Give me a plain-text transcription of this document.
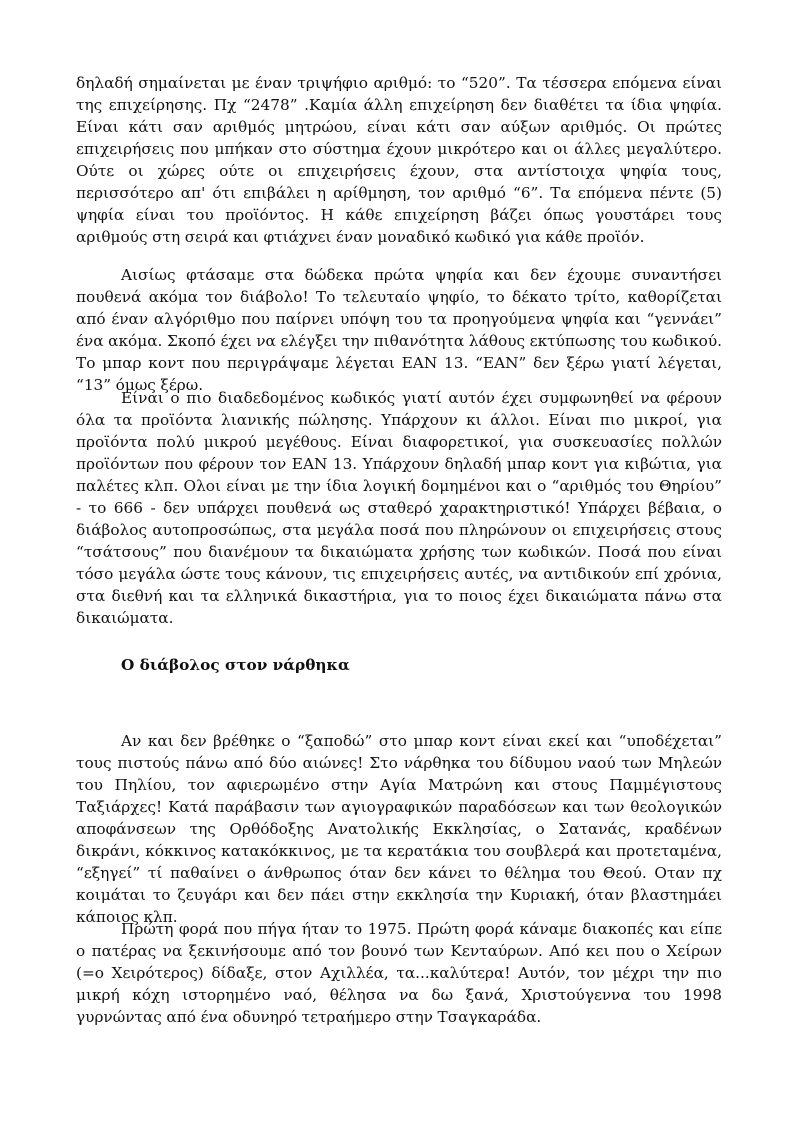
δηλαδή σημαίνεται με έναν τριψήφιο αριθμό: το “520”. Τα τέσσερα επόμενα είναι της επιχείρησης. Πχ “2478” .Καμία άλλη επιχείρηση δεν διαθέτει τα ίδια ψηφία. Είναι κάτι σαν αριθμός μητρώου, είναι κάτι σαν αύξων αριθμός. Οι πρώτες επιχειρήσεις που μπήκαν στο σύστημα έχουν μικρότερο και οι άλλες μεγαλύτερο. Ούτε οι χώρες ούτε οι επιχειρήσεις έχουν, στα αντίστοιχα ψηφία τους, περισσότερο απ' ότι επιβάλει η αρίθμηση, τον αριθμό “6”. Τα επόμενα πέντε (5) ψηφία είναι του προϊόντος. Η κάθε επιχείρηση βάζει όπως γουστάρει τους αριθμούς στη σειρά και φτιάχνει έναν μοναδικό κωδικό για κάθε προϊόν.

Αισίως φτάσαμε στα δώδεκα πρώτα ψηφία και δεν έχουμε συναντήσει πουθενά ακόμα τον διάβολο! Το τελευταίο ψηφίο, το δέκατο τρίτο, καθορίζεται από έναν αλγόριθμο που παίρνει υπόψη του τα προηγούμενα ψηφία και “γεννάει” ένα ακόμα. Σκοπό έχει να ελέγξει την πιθανότητα λάθους εκτύπωσης του κωδικού. Το μπαρ κοντ που περιγράψαμε λέγεται EAN 13. “EAN” δεν ξέρω γιατί λέγεται, “13” όμως ξέρω.

Είναι ο πιο διαδεδομένος κωδικός γιατί αυτόν έχει συμφωνηθεί να φέρουν όλα τα προϊόντα λιανικής πώλησης. Υπάρχουν κι άλλοι. Είναι πιο μικροί, για προϊόντα πολύ μικρού μεγέθους. Είναι διαφορετικοί, για συσκευασίες πολλών προϊόντων που φέρουν τον EAN 13. Υπάρχουν δηλαδή μπαρ κοντ για κιβώτια, για παλέτες κλπ. Ολοι είναι με την ίδια λογική δομημένοι και ο “αριθμός του Θηρίου” - το 666 - δεν υπάρχει πουθενά ως σταθερό χαρακτηριστικό! Υπάρχει βέβαια, ο διάβολος αυτοπροσώπως, στα μεγάλα ποσά που πληρώνουν οι επιχειρήσεις στους “τσάτσους” που διανέμουν τα δικαιώματα χρήσης των κωδικών. Ποσά που είναι τόσο μεγάλα ώστε τους κάνουν, τις επιχειρήσεις αυτές, να αντιδικούν επί χρόνια, στα διεθνή και τα ελληνικά δικαστήρια, για το ποιος έχει δικαιώματα πάνω στα δικαιώματα.

Ο διάβολος στον νάρθηκα

Αν και δεν βρέθηκε ο “ξαποδώ” στο μπαρ κοντ είναι εκεί και “υποδέχεται” τους πιστούς πάνω από δύο αιώνες! Στο νάρθηκα του δίδυμου ναού των Μηλεών του Πηλίου, τον αφιερωμένο στην Αγία Ματρώνη και στους Παμμέγιστους Ταξιάρχες! Κατά παράβασιν των αγιογραφικών παραδόσεων και των θεολογικών αποφάνσεων της Ορθόδοξης Ανατολικής Εκκλησίας, ο Σατανάς, κραδένων δικράνι, κόκκινος κατακόκκινος, με τα κερατάκια του σουβλερά και προτεταμένα, “εξηγεί” τί παθαίνει ο άνθρωπος όταν δεν κάνει το θέλημα του Θεού. Οταν πχ κοιμάται το ζευγάρι και δεν πάει στην εκκλησία την Κυριακή, όταν βλαστημάει κάποιος κλπ.

Πρώτη φορά που πήγα ήταν το 1975. Πρώτη φορά κάναμε διακοπές και είπε ο πατέρας να ξεκινήσουμε από τον βουνό των Κενταύρων. Από κει που ο Χείρων (=ο Χειρότερος) δίδαξε, στον Αχιλλέα, τα...καλύτερα! Αυτόν, τον μέχρι την πιο μικρή κόχη ιστορημένο ναό, θέλησα να δω ξανά, Χριστούγεννα του 1998 γυρνώντας από ένα οδυνηρό τετραήμερο στην Τσαγκαράδα.
